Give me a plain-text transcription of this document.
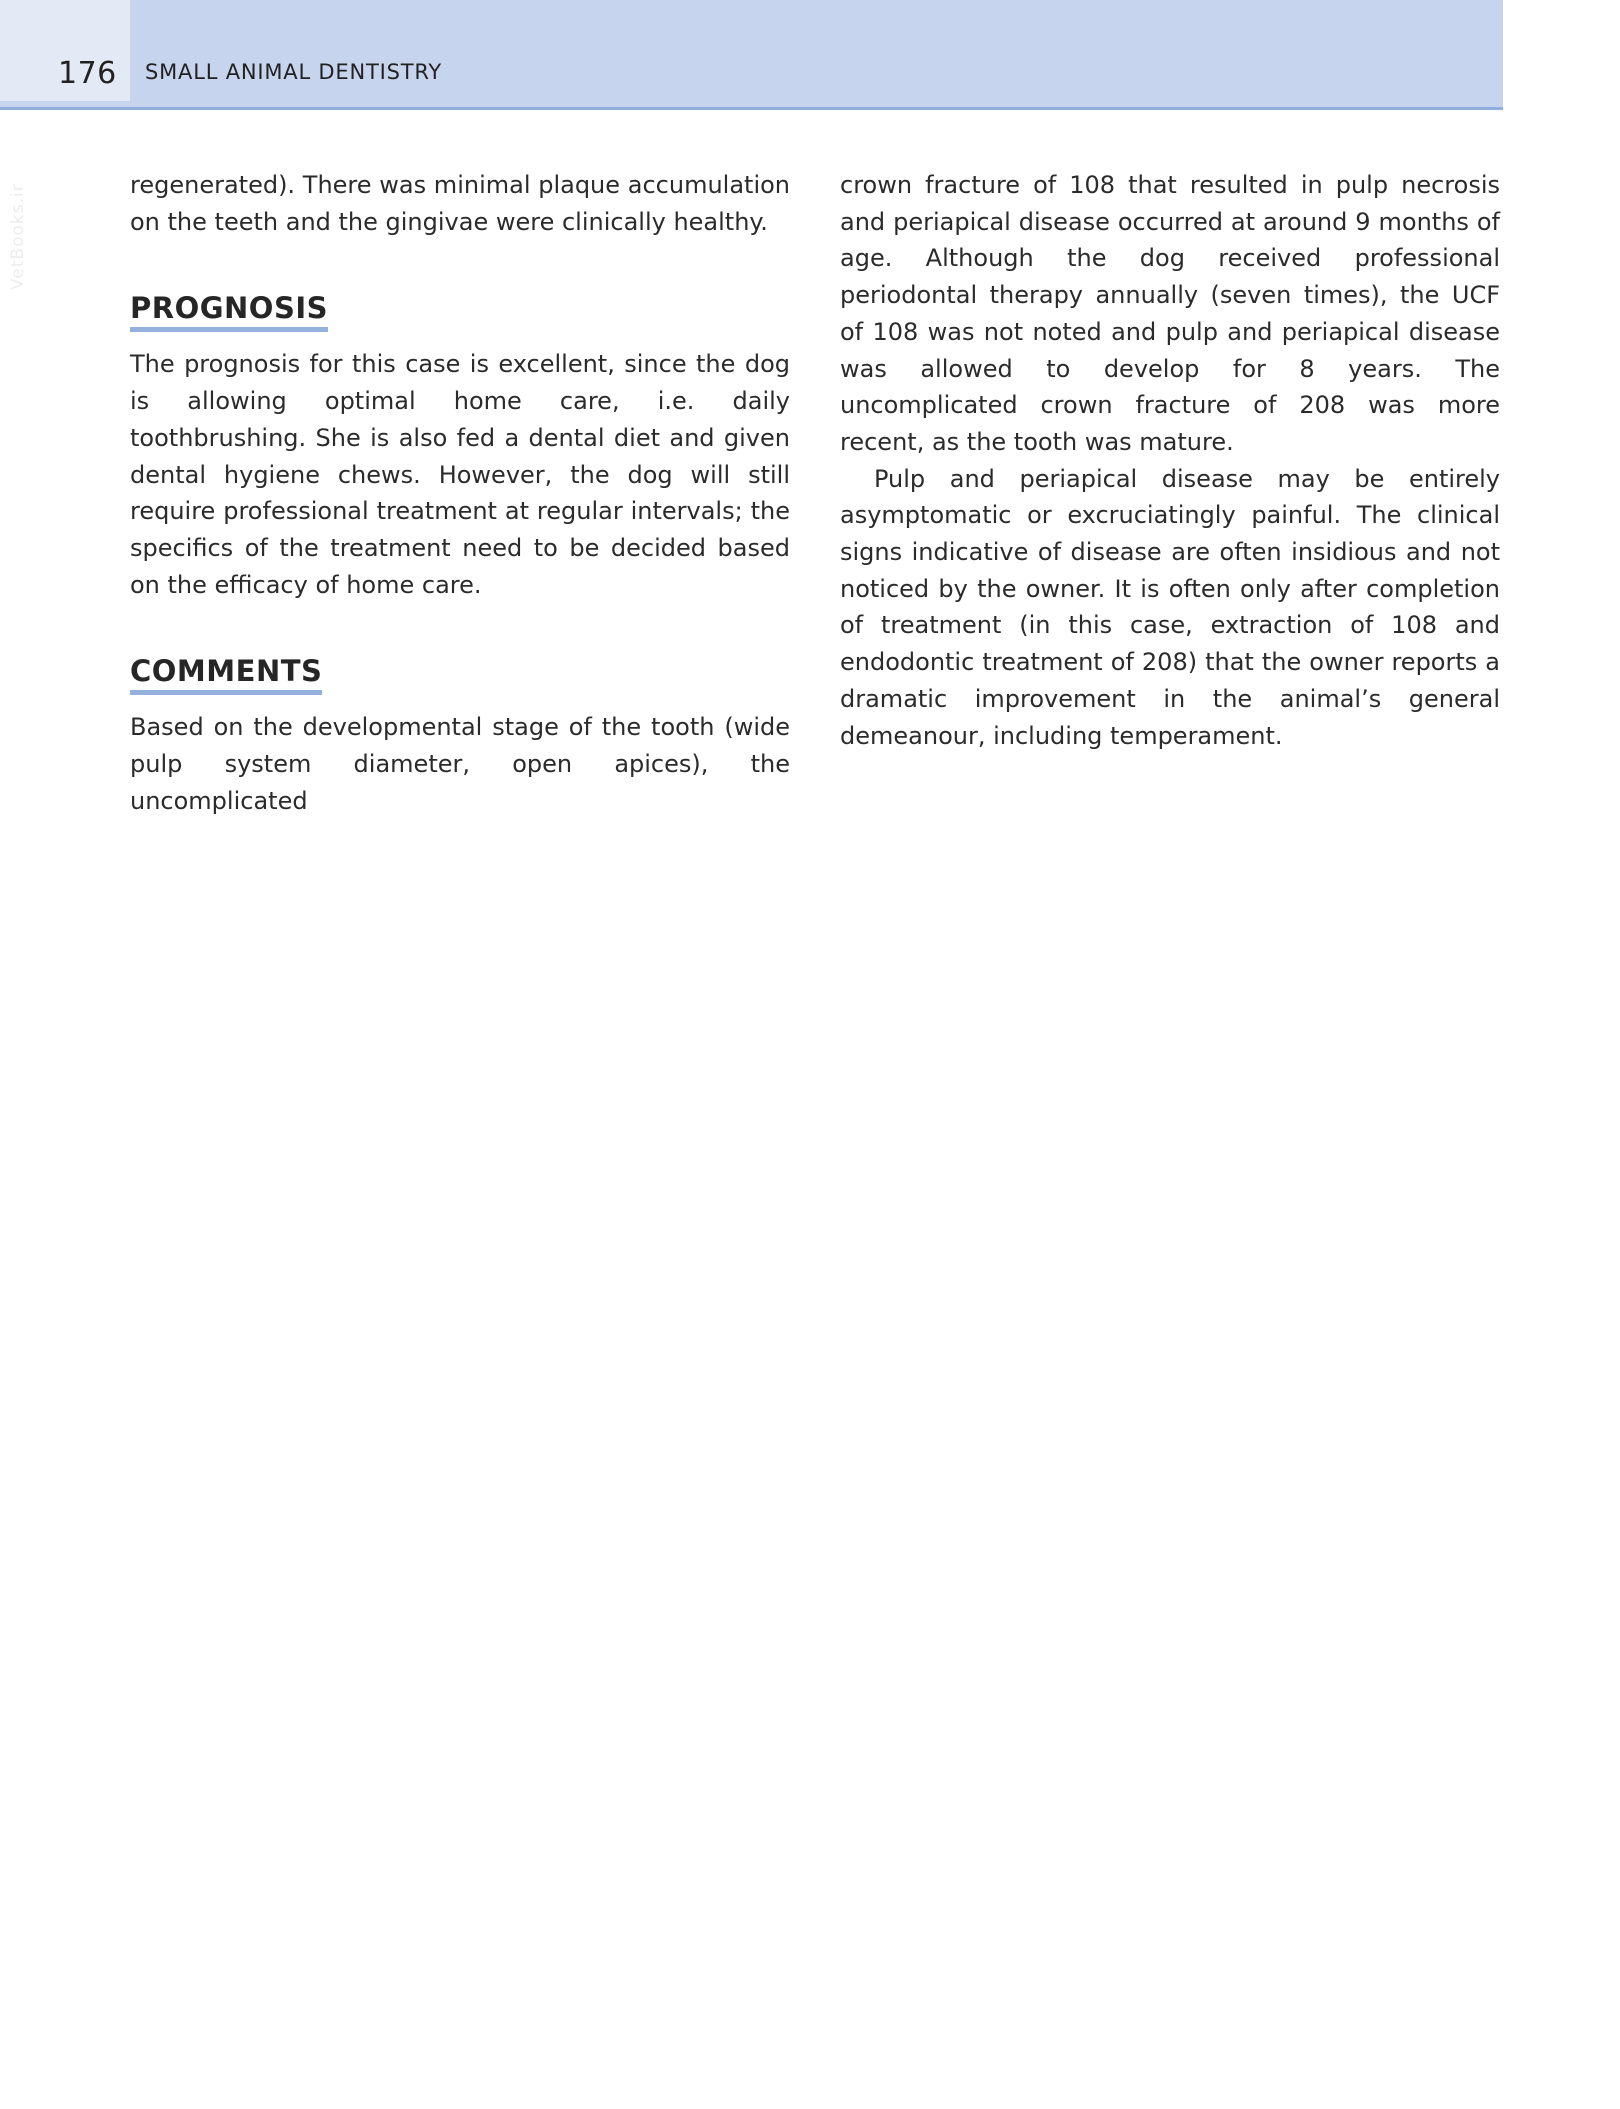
176 SMALL ANIMAL DENTISTRY
VetBooks.ir	regenerated). There was minimal plaque accumulation on the teeth and the gingivae were clinically healthy.

PROGNOSIS

The prognosis for this case is excellent, since the dog is allowing optimal home care, i.e. daily toothbrushing. She is also fed a dental diet and given dental hygiene chews. However, the dog will still require professional treatment at regular intervals; the specifics of the treatment need to be decided based on the efficacy of home care.

COMMENTS

Based on the developmental stage of the tooth (wide pulp system diameter, open apices), the uncomplicated

crown fracture of 108 that resulted in pulp necrosis and periapical disease occurred at around 9 months of age. Although the dog received professional periodontal therapy annually (seven times), the UCF of 108 was not noted and pulp and periapical disease was allowed to develop for 8 years. The uncomplicated crown fracture of 208 was more recent, as the tooth was mature.

Pulp and periapical disease may be entirely asymptomatic or excruciatingly painful. The clinical signs indicative of disease are often insidious and not noticed by the owner. It is often only after completion of treatment (in this case, extraction of 108 and endodontic treatment of 208) that the owner reports a dramatic improvement in the animal’s general demeanour, including temperament.
